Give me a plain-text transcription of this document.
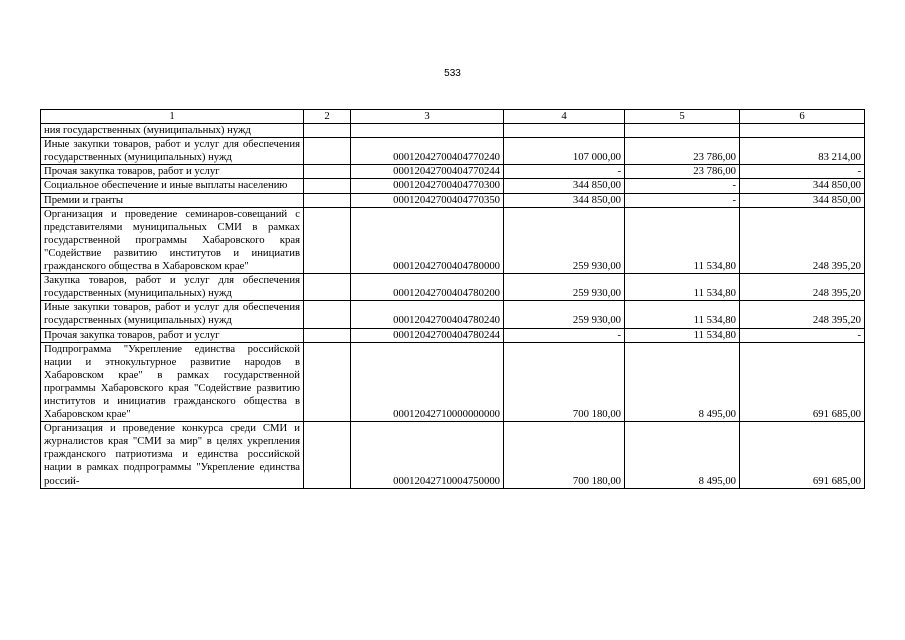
533
1	2	3	4	5	6
ния государственных (муниципальных) нужд					
Иные закупки товаров, работ и услуг для обеспечения государственных (муниципальных) нужд		00012042700404770240	107 000,00	23 786,00	83 214,00
Прочая закупка товаров, работ и услуг		00012042700404770244	-	23 786,00	-
Социальное обеспечение и иные выплаты населению		00012042700404770300	344 850,00	-	344 850,00
Премии и гранты		00012042700404770350	344 850,00	-	344 850,00
Организация и проведение семинаров-совещаний с представителями муниципальных СМИ в рамках государственной программы Хабаровского края "Содействие развитию институтов и инициатив гражданского общества в Хабаровском крае"		00012042700404780000	259 930,00	11 534,80	248 395,20
Закупка товаров, работ и услуг для обеспечения государственных (муниципальных) нужд		00012042700404780200	259 930,00	11 534,80	248 395,20
Иные закупки товаров, работ и услуг для обеспечения государственных (муниципальных) нужд		00012042700404780240	259 930,00	11 534,80	248 395,20
Прочая закупка товаров, работ и услуг		00012042700404780244	-	11 534,80	-
Подпрограмма "Укрепление единства российской нации и этнокультурное развитие народов в Хабаровском крае" в рамках государственной программы Хабаровского края "Содействие развитию институтов и инициатив гражданского общества в Хабаровском крае"		00012042710000000000	700 180,00	8 495,00	691 685,00
Организация и проведение конкурса среди СМИ и журналистов края "СМИ за мир" в целях укрепления гражданского патриотизма и единства российской нации в рамках подпрограммы "Укрепление единства россий-		00012042710004750000	700 180,00	8 495,00	691 685,00
